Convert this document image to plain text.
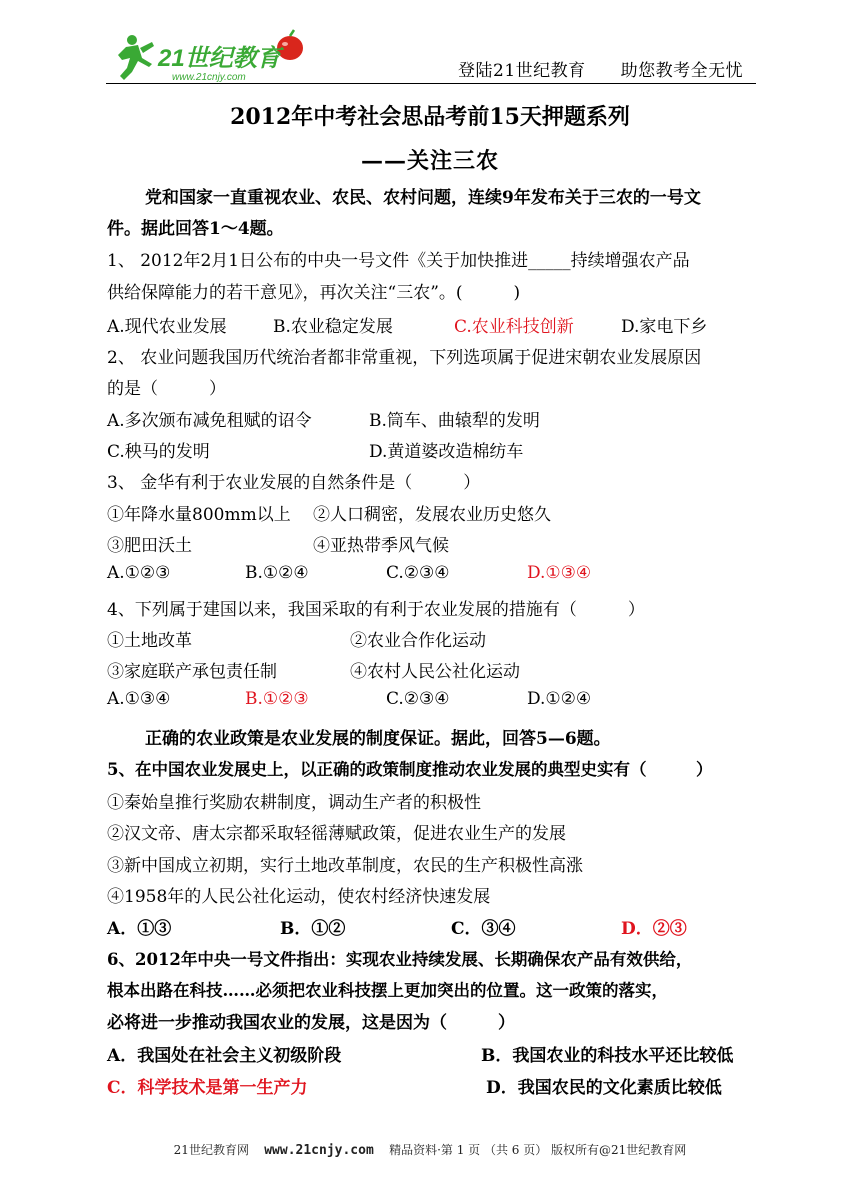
21世纪教育
www.21cnjy.com	登陆21世纪教育　　助您教考全无忧
2012年中考社会思品考前15天押题系列
——关注三农
党和国家一直重视农业、农民、农村问题，连续9年发布关于三农的一号文
件。据此回答1～4题。
1、 2012年2月1日公布的中央一号文件《关于加快推进_____持续增强农产品
供给保障能力的若干意见》，再次关注“三农”。(　　　)
A.现代农业发展	B.农业稳定发展	C.农业科技创新	D.家电下乡
2、 农业问题我国历代统治者都非常重视，下列选项属于促进宋朝农业发展原因
的是（　　　）
A.多次颁布减免租赋的诏令	B.筒车、曲辕犁的发明
C.秧马的发明	D.黄道婆改造棉纺车
3、 金华有利于农业发展的自然条件是（　　　）
①年降水量800mm以上 ②人口稠密，发展农业历史悠久
③肥田沃土	④亚热带季风气候
A.①②③	B.①②④	C.②③④	D.①③④
4、下列属于建国以来，我国采取的有利于农业发展的措施有（　　　）
①土地改革	②农业合作化运动
③家庭联产承包责任制	④农村人民公社化运动
A.①③④	B.①②③	C.②③④	D.①②④
正确的农业政策是农业发展的制度保证。据此，回答5—6题。
5、在中国农业发展史上，以正确的政策制度推动农业发展的典型史实有（　　　）
①秦始皇推行奖励农耕制度，调动生产者的积极性
②汉文帝、唐太宗都采取轻徭薄赋政策，促进农业生产的发展
③新中国成立初期，实行土地改革制度，农民的生产积极性高涨
④1958年的人民公社化运动，使农村经济快速发展
A．①③	B．①②	C．③④	D．②③
6、2012年中央一号文件指出：实现农业持续发展、长期确保农产品有效供给，
根本出路在科技……必须把农业科技摆上更加突出的位置。这一政策的落实，
必将进一步推动我国农业的发展，这是因为（　　　）
A．我国处在社会主义初级阶段	B．我国农业的科技水平还比较低
C．科学技术是第一生产力	D．我国农民的文化素质比较低
21世纪教育网 www.21cnjy.com 精品资料·第 1 页 （共 6 页） 版权所有@21世纪教育网
